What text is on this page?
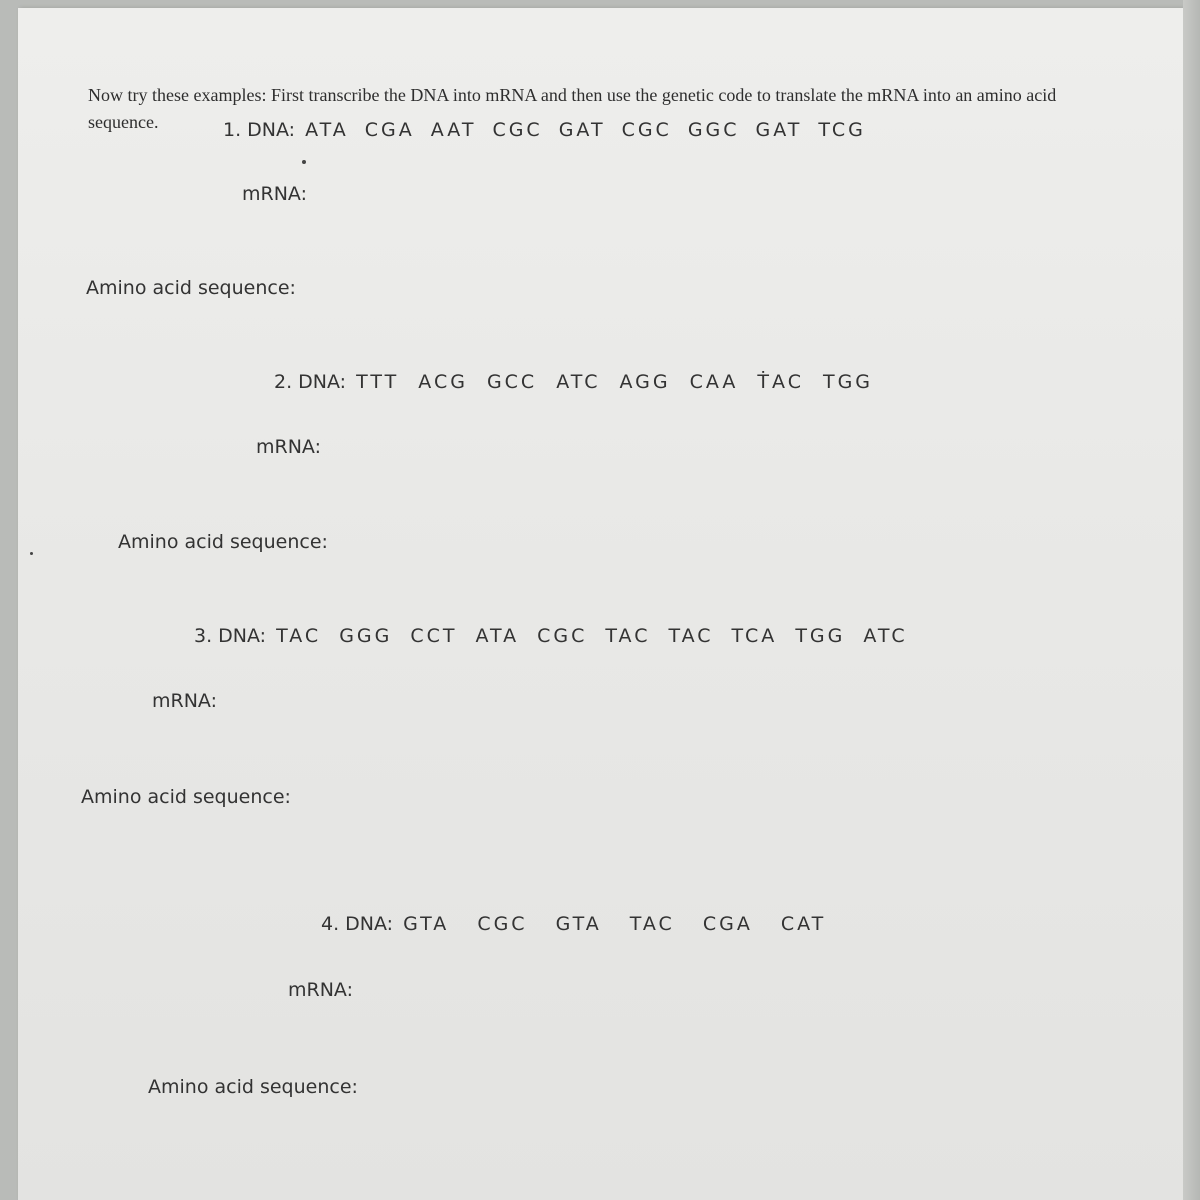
Now try these examples: First transcribe the DNA into mRNA and then use the genetic code to translate the mRNA into an amino acid sequence.	1. DNA: ATA CGA AAT CGC GAT CGC GGC GAT TCG

mRNA:

Amino acid sequence:

2. DNA: TTT ACG GCC ATC AGG CAA ṪAC TGG

mRNA:

Amino acid sequence:

3. DNA: TAC GGG CCT ATA CGC TAC TAC TCA TGG ATC

mRNA:

Amino acid sequence:

4. DNA: GTA CGC GTA TAC CGA CAT

mRNA:

Amino acid sequence:
